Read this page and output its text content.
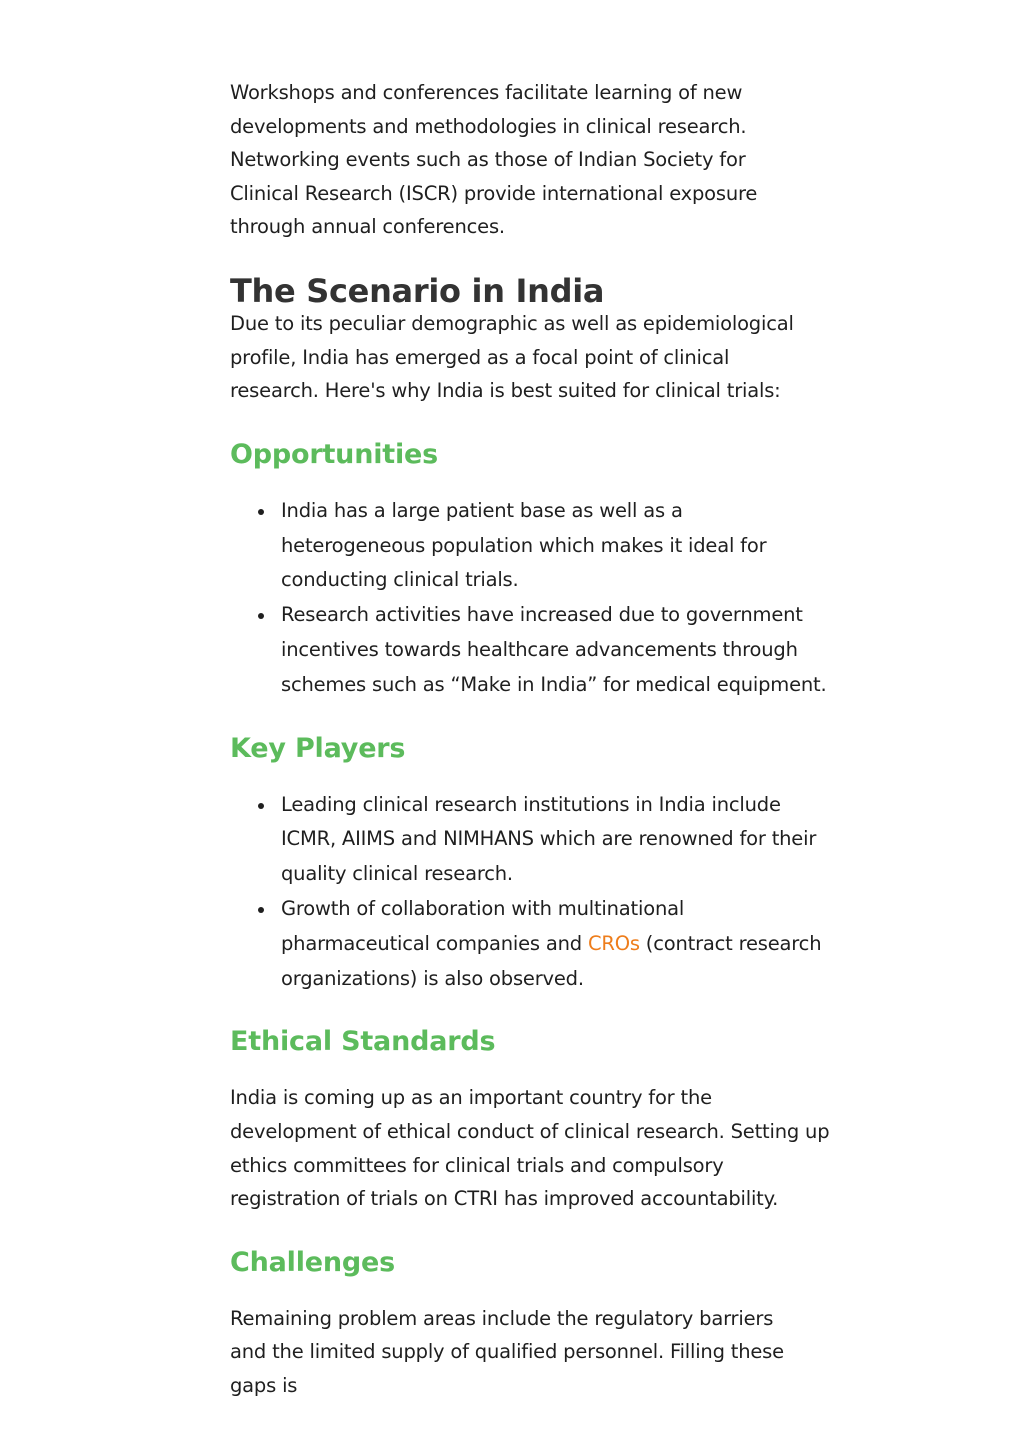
Workshops and conferences facilitate learning of new developments and methodologies in clinical research. Networking events such as those of Indian Society for Clinical Research (ISCR) provide international exposure through annual conferences.

The Scenario in India

Due to its peculiar demographic as well as epidemiological profile, India has emerged as a focal point of clinical research. Here's why India is best suited for clinical trials:

Opportunities
India has a large patient base as well as a heterogeneous population which makes it ideal for conducting clinical trials.
Research activities have increased due to government incentives towards healthcare advancements through schemes such as “Make in India” for medical equipment.
Key Players
Leading clinical research institutions in India include ICMR, AIIMS and NIMHANS which are renowned for their quality clinical research.
Growth of collaboration with multinational pharmaceutical companies and CROs (contract research organizations) is also observed.
Ethical Standards

India is coming up as an important country for the development of ethical conduct of clinical research. Setting up ethics committees for clinical trials and compulsory registration of trials on CTRI has improved accountability.

Challenges

Remaining problem areas include the regulatory barriers and the limited supply of qualified personnel. Filling these gaps is
